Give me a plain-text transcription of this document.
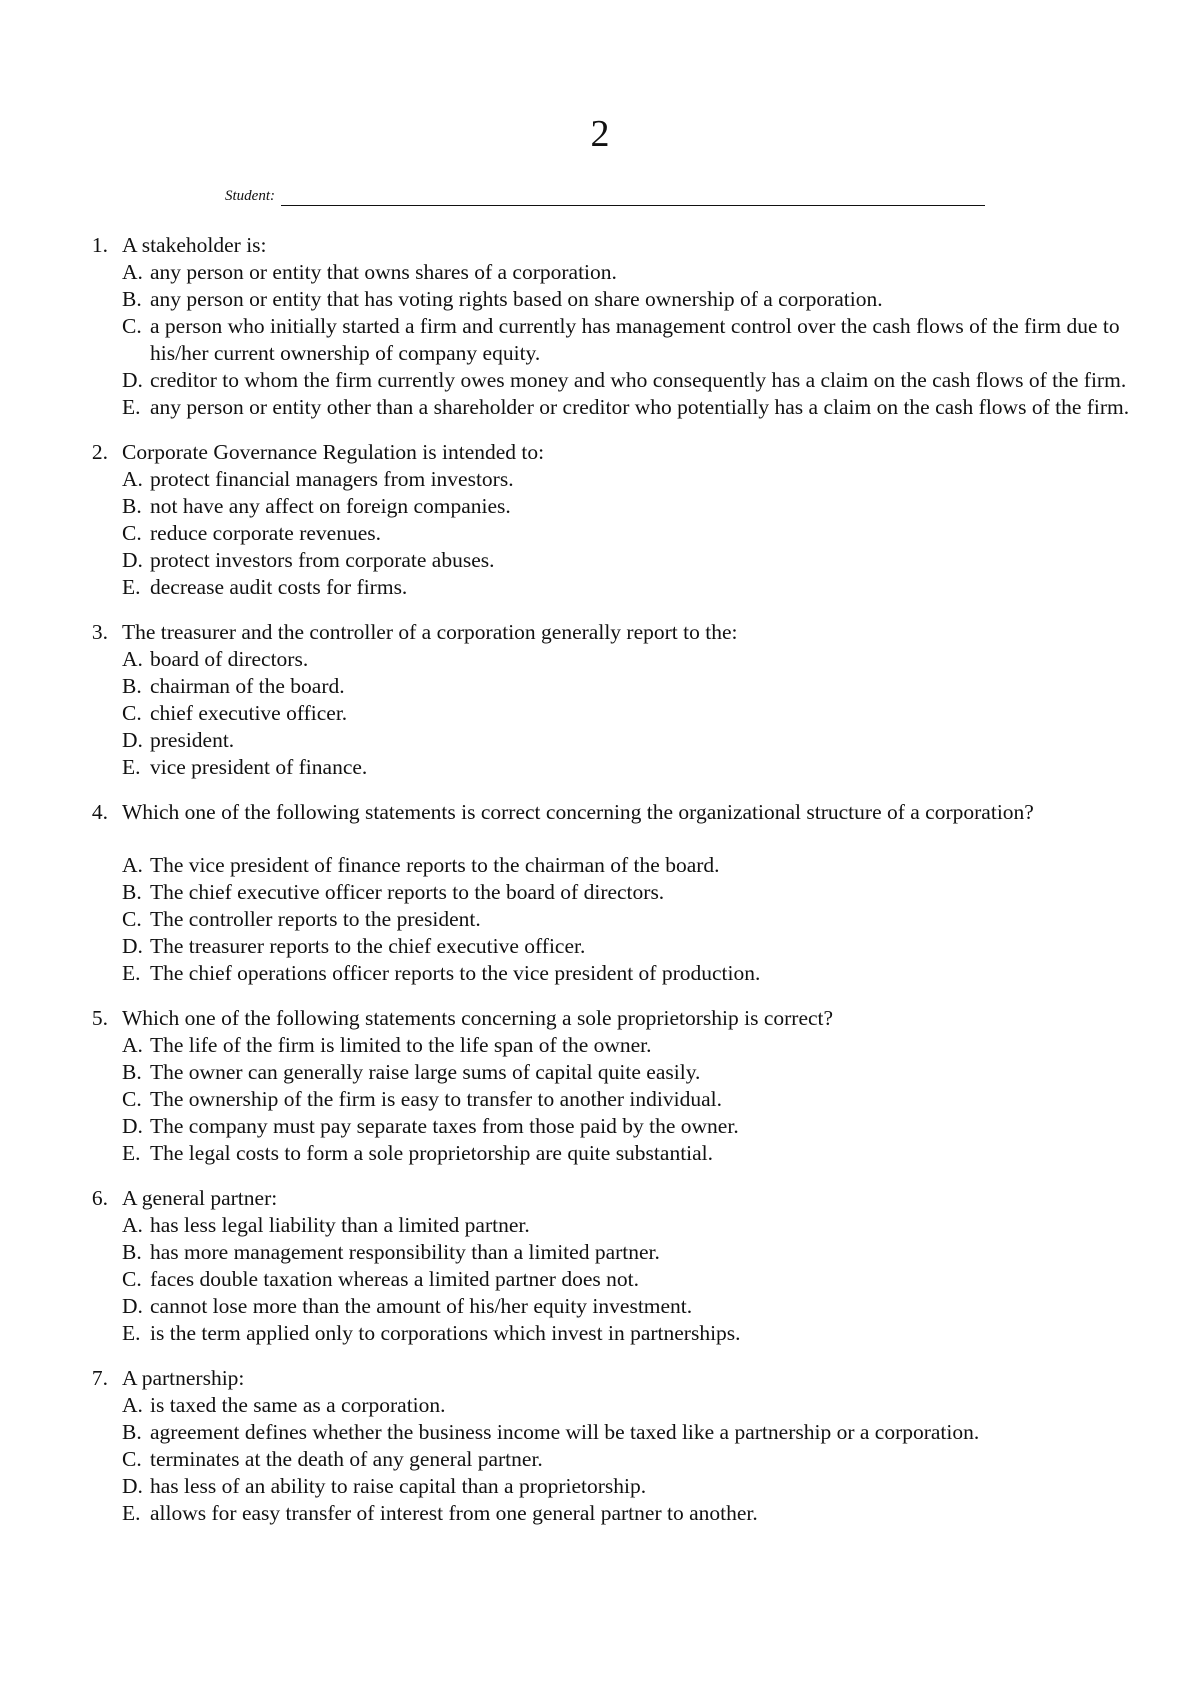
2
Student:
1. A stakeholder is:
A. any person or entity that owns shares of a corporation.
B. any person or entity that has voting rights based on share ownership of a corporation.
C. a person who initially started a firm and currently has management control over the cash flows of the firm due to his/her current ownership of company equity.
D. creditor to whom the firm currently owes money and who consequently has a claim on the cash flows of the firm.
E. any person or entity other than a shareholder or creditor who potentially has a claim on the cash flows of the firm.
2. Corporate Governance Regulation is intended to:
A. protect financial managers from investors.
B. not have any affect on foreign companies.
C. reduce corporate revenues.
D. protect investors from corporate abuses.
E. decrease audit costs for firms.
3. The treasurer and the controller of a corporation generally report to the:
A. board of directors.
B. chairman of the board.
C. chief executive officer.
D. president.
E. vice president of finance.
4. Which one of the following statements is correct concerning the organizational structure of a corporation?
A. The vice president of finance reports to the chairman of the board.
B. The chief executive officer reports to the board of directors.
C. The controller reports to the president.
D. The treasurer reports to the chief executive officer.
E. The chief operations officer reports to the vice president of production.
5. Which one of the following statements concerning a sole proprietorship is correct?
A. The life of the firm is limited to the life span of the owner.
B. The owner can generally raise large sums of capital quite easily.
C. The ownership of the firm is easy to transfer to another individual.
D. The company must pay separate taxes from those paid by the owner.
E. The legal costs to form a sole proprietorship are quite substantial.
6. A general partner:
A. has less legal liability than a limited partner.
B. has more management responsibility than a limited partner.
C. faces double taxation whereas a limited partner does not.
D. cannot lose more than the amount of his/her equity investment.
E. is the term applied only to corporations which invest in partnerships.
7. A partnership:
A. is taxed the same as a corporation.
B. agreement defines whether the business income will be taxed like a partnership or a corporation.
C. terminates at the death of any general partner.
D. has less of an ability to raise capital than a proprietorship.
E. allows for easy transfer of interest from one general partner to another.
